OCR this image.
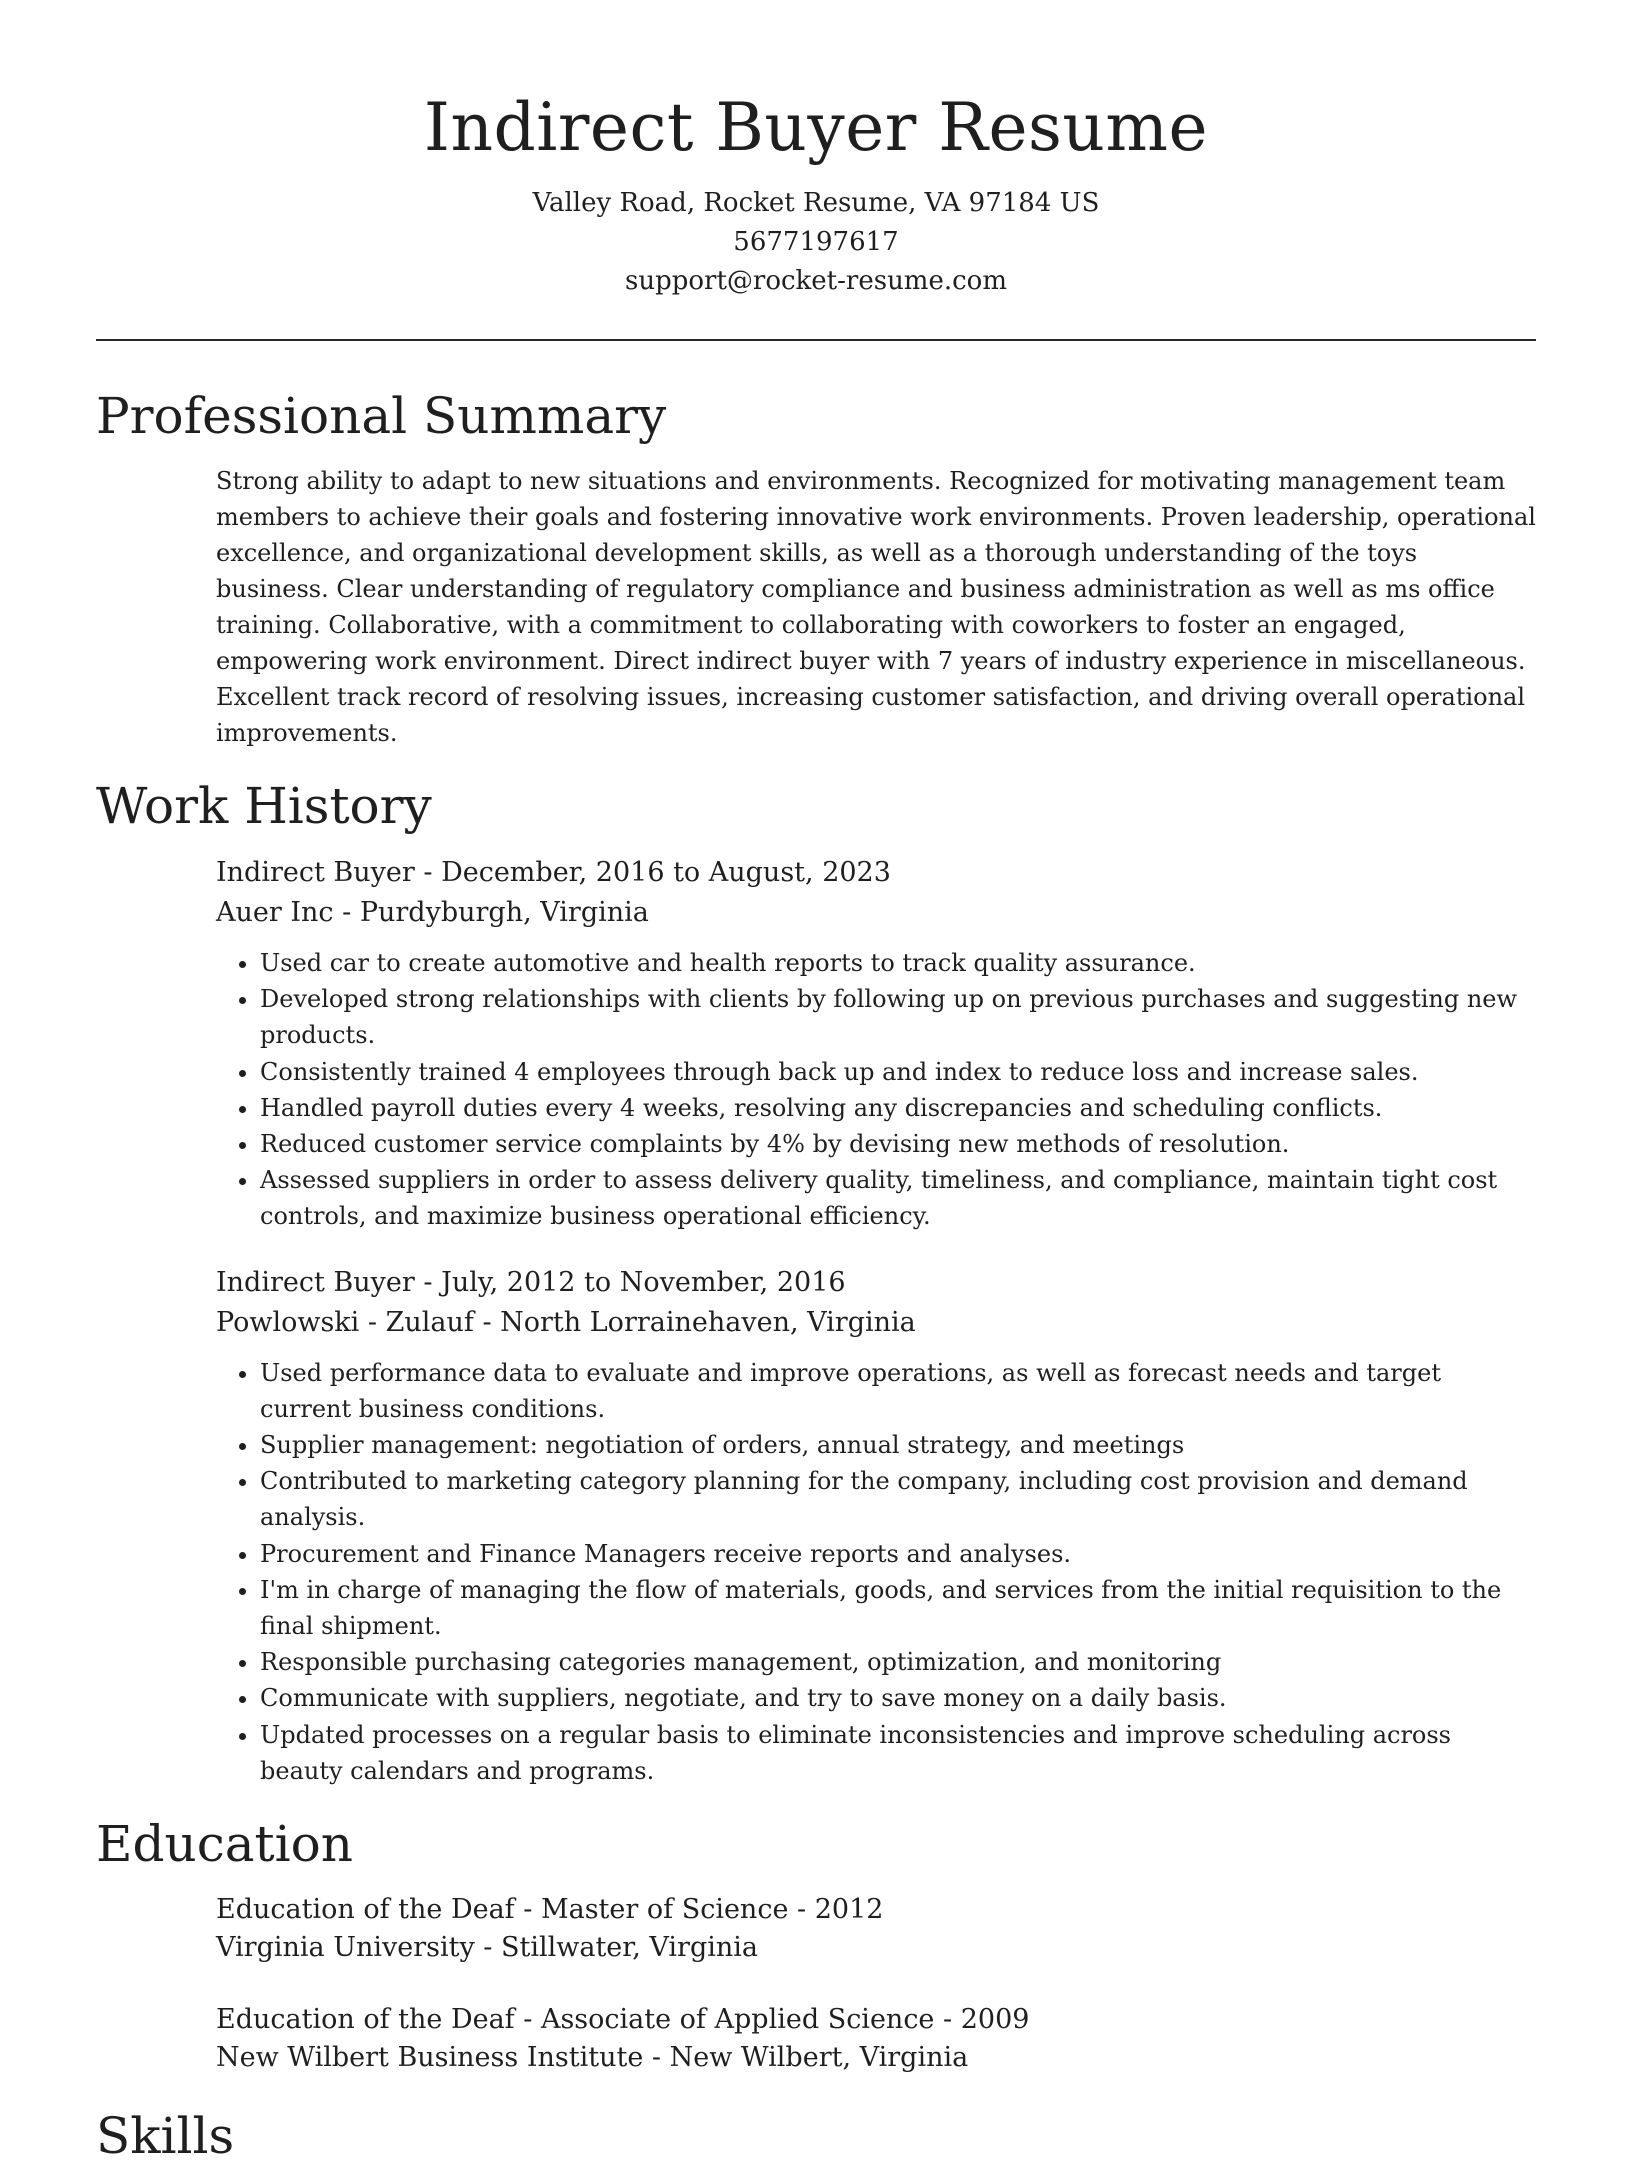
Indirect Buyer Resume
Valley Road, Rocket Resume, VA 97184 US
5677197617
support@rocket-resume.com
Professional Summary
Strong ability to adapt to new situations and environments. Recognized for motivating management team members to achieve their goals and fostering innovative work environments. Proven leadership, operational excellence, and organizational development skills, as well as a thorough understanding of the toys business. Clear understanding of regulatory compliance and business administration as well as ms office training. Collaborative, with a commitment to collaborating with coworkers to foster an engaged, empowering work environment. Direct indirect buyer with 7 years of industry experience in miscellaneous. Excellent track record of resolving issues, increasing customer satisfaction, and driving overall operational improvements.
Work History
Indirect Buyer - December, 2016 to August, 2023
Auer Inc - Purdyburgh, Virginia
• Used car to create automotive and health reports to track quality assurance.
• Developed strong relationships with clients by following up on previous purchases and suggesting new products.
• Consistently trained 4 employees through back up and index to reduce loss and increase sales.
• Handled payroll duties every 4 weeks, resolving any discrepancies and scheduling conflicts.
• Reduced customer service complaints by 4% by devising new methods of resolution.
• Assessed suppliers in order to assess delivery quality, timeliness, and compliance, maintain tight cost controls, and maximize business operational efficiency.
Indirect Buyer - July, 2012 to November, 2016
Powlowski - Zulauf - North Lorrainehaven, Virginia
• Used performance data to evaluate and improve operations, as well as forecast needs and target current business conditions.
• Supplier management: negotiation of orders, annual strategy, and meetings
• Contributed to marketing category planning for the company, including cost provision and demand analysis.
• Procurement and Finance Managers receive reports and analyses.
• I'm in charge of managing the flow of materials, goods, and services from the initial requisition to the final shipment.
• Responsible purchasing categories management, optimization, and monitoring
• Communicate with suppliers, negotiate, and try to save money on a daily basis.
• Updated processes on a regular basis to eliminate inconsistencies and improve scheduling across beauty calendars and programs.
Education
Education of the Deaf - Master of Science - 2012
Virginia University - Stillwater, Virginia
Education of the Deaf - Associate of Applied Science - 2009
New Wilbert Business Institute - New Wilbert, Virginia
Skills
